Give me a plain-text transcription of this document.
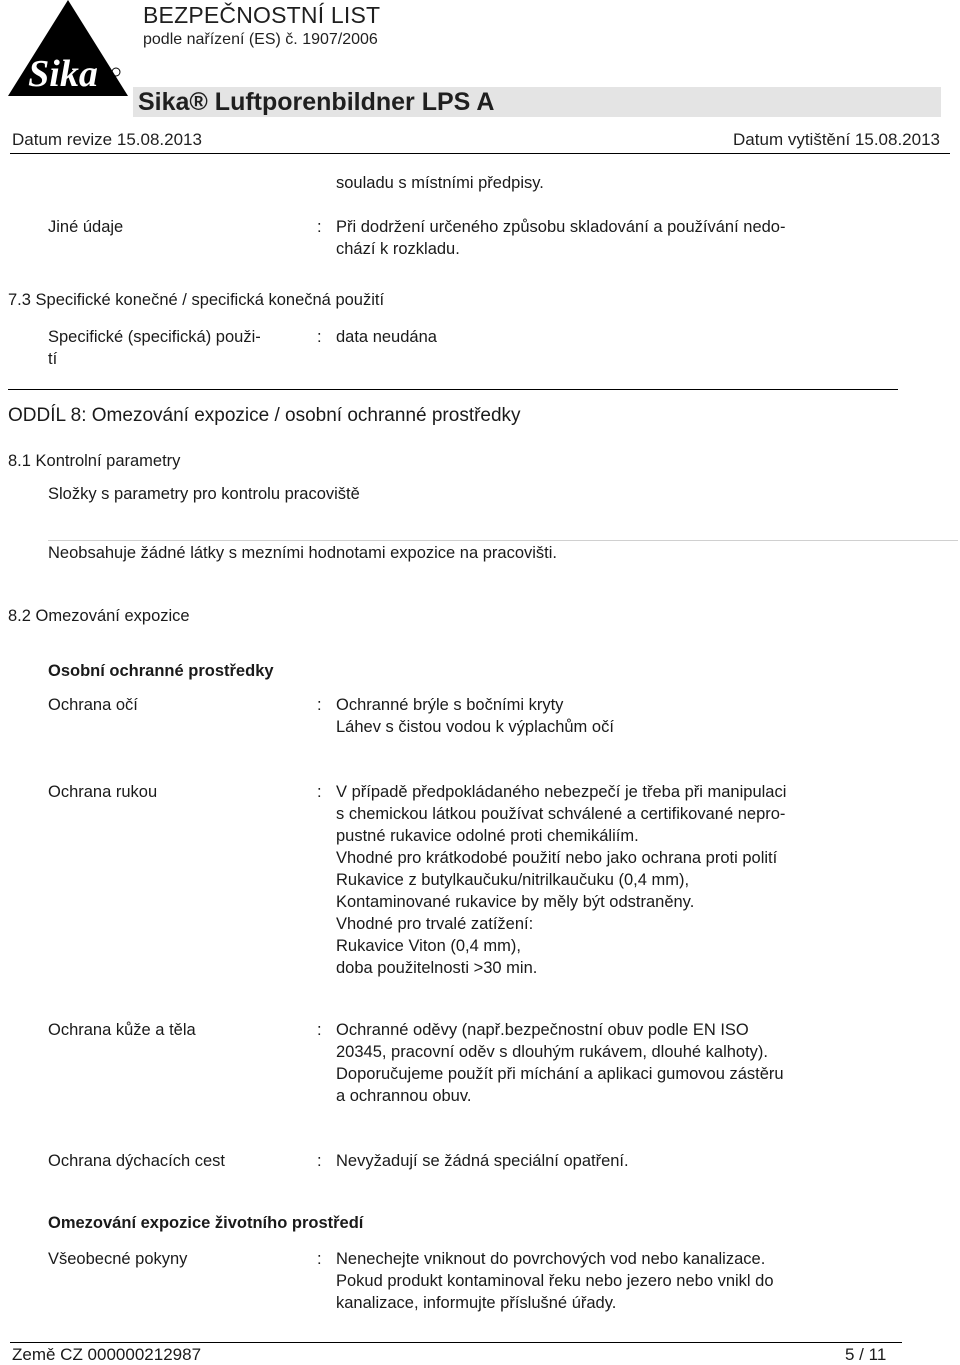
Sika
BEZPEČNOSTNÍ LIST
podle nařízení (ES) č. 1907/2006
Sika® Luftporenbildner LPS A
Datum revize 15.08.2013	Datum vytištění 15.08.2013
souladu s místními předpisy.
Jiné údaje	: Při dodržení určeného způsobu skladování a používání nedo-
chází k rozkladu.
7.3 Specifické konečné / specifická konečná použití
Specifické (specifická) použi-
tí
: data neudána
ODDÍL 8: Omezování expozice / osobní ochranné prostředky
8.1 Kontrolní parametry
Složky s parametry pro kontrolu pracoviště
Neobsahuje žádné látky s mezními hodnotami expozice na pracovišti.
8.2 Omezování expozice
Osobní ochranné prostředky
Ochrana očí	: Ochranné brýle s bočními kryty
Láhev s čistou vodou k výplachům očí
Ochrana rukou	: V případě předpokládaného nebezpečí je třeba při manipulaci
s chemickou látkou používat schválené a certifikované nepro-
pustné rukavice odolné proti chemikáliím.
Vhodné pro krátkodobé použití nebo jako ochrana proti polití
Rukavice z butylkaučuku/nitrilkaučuku (0,4 mm),
Kontaminované rukavice by měly být odstraněny.
Vhodné pro trvalé zatížení:
Rukavice Viton (0,4 mm),
doba použitelnosti >30 min.
Ochrana kůže a těla	: Ochranné oděvy (např.bezpečnostní obuv podle EN ISO
20345, pracovní oděv s dlouhým rukávem, dlouhé kalhoty).
Doporučujeme použít při míchání a aplikaci gumovou zástěru
a ochrannou obuv.
Ochrana dýchacích cest	: Nevyžadují se žádná speciální opatření.
Omezování expozice životního prostředí
Všeobecné pokyny	: Nenechejte vniknout do povrchových vod nebo kanalizace.
Pokud produkt kontaminoval řeku nebo jezero nebo vnikl do
kanalizace, informujte příslušné úřady.
Země CZ 000000212987	5 / 11
